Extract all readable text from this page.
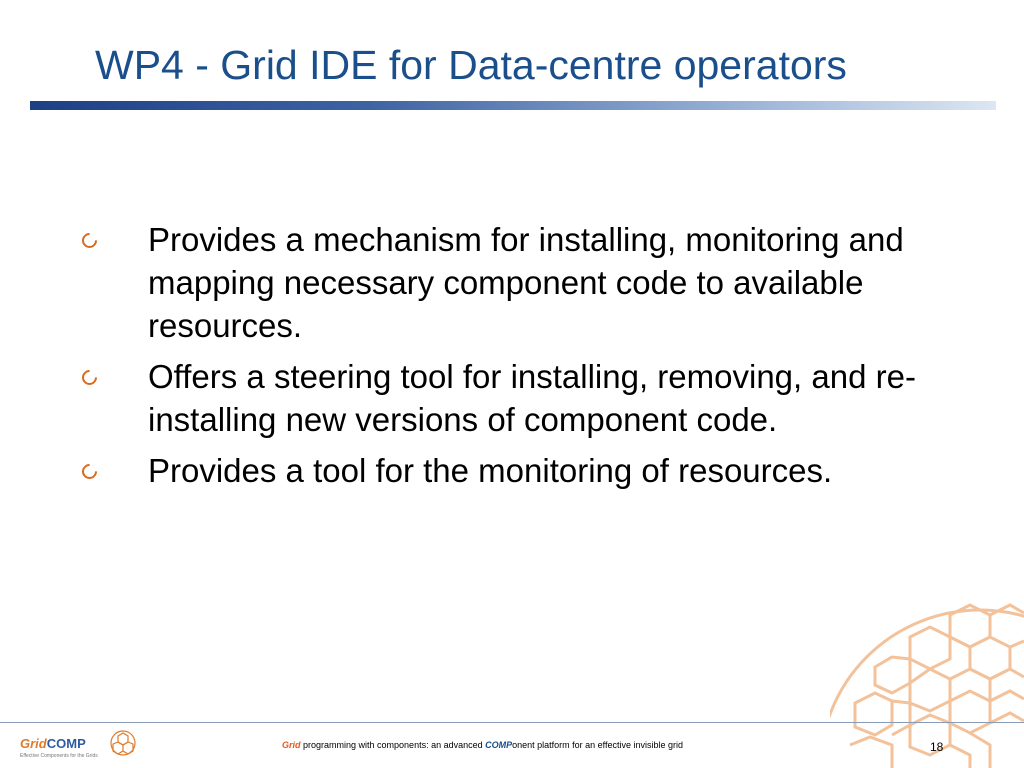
WP4 - Grid IDE for Data-centre operators
Provides a mechanism for installing, monitoring and mapping necessary component code to available resources.
Offers a steering tool for installing, removing, and re-installing new versions of component code.
Provides a tool for the monitoring of resources.
GridCOMP
Effective Components for the Grids
Grid programming with components: an advanced COMPonent platform for an effective invisible grid	18
